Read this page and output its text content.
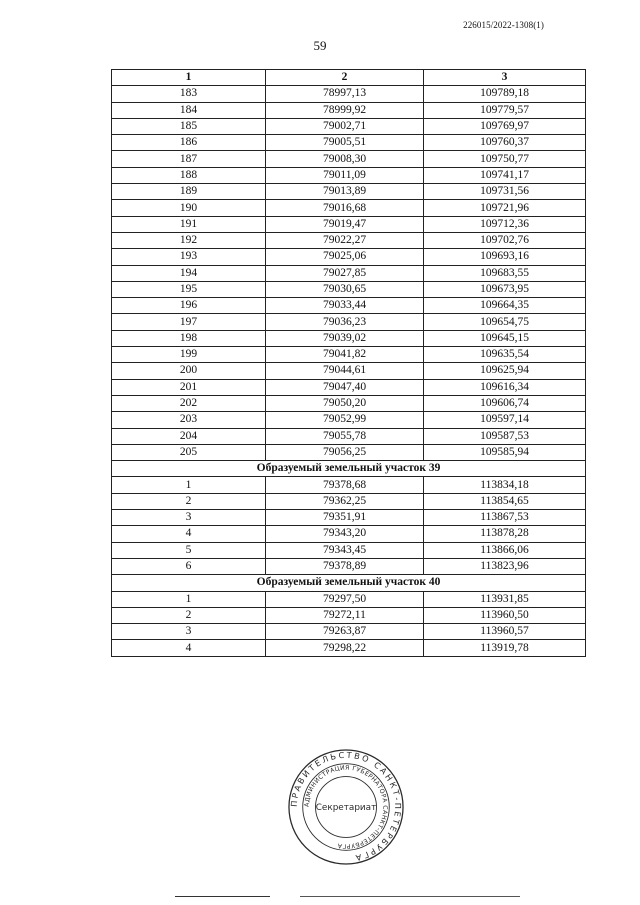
226015/2022-1308(1)
59
1	2	3
183	78997,13	109789,18
184	78999,92	109779,57
185	79002,71	109769,97
186	79005,51	109760,37
187	79008,30	109750,77
188	79011,09	109741,17
189	79013,89	109731,56
190	79016,68	109721,96
191	79019,47	109712,36
192	79022,27	109702,76
193	79025,06	109693,16
194	79027,85	109683,55
195	79030,65	109673,95
196	79033,44	109664,35
197	79036,23	109654,75
198	79039,02	109645,15
199	79041,82	109635,54
200	79044,61	109625,94
201	79047,40	109616,34
202	79050,20	109606,74
203	79052,99	109597,14
204	79055,78	109587,53
205	79056,25	109585,94
Образуемый земельный участок 39		
1	79378,68	113834,18
2	79362,25	113854,65
3	79351,91	113867,53
4	79343,20	113878,28
5	79343,45	113866,06
6	79378,89	113823,96
Образуемый земельный участок 40		
1	79297,50	113931,85
2	79272,11	113960,50
3	79263,87	113960,57
4	79298,22	113919,78
ПРАВИТЕЛЬСТВО САНКТ-ПЕТЕРБУРГА
АДМИНИСТРАЦИЯ ГУБЕРНАТОРА САНКТ-ПЕТЕРБУРГА
Секретариат
